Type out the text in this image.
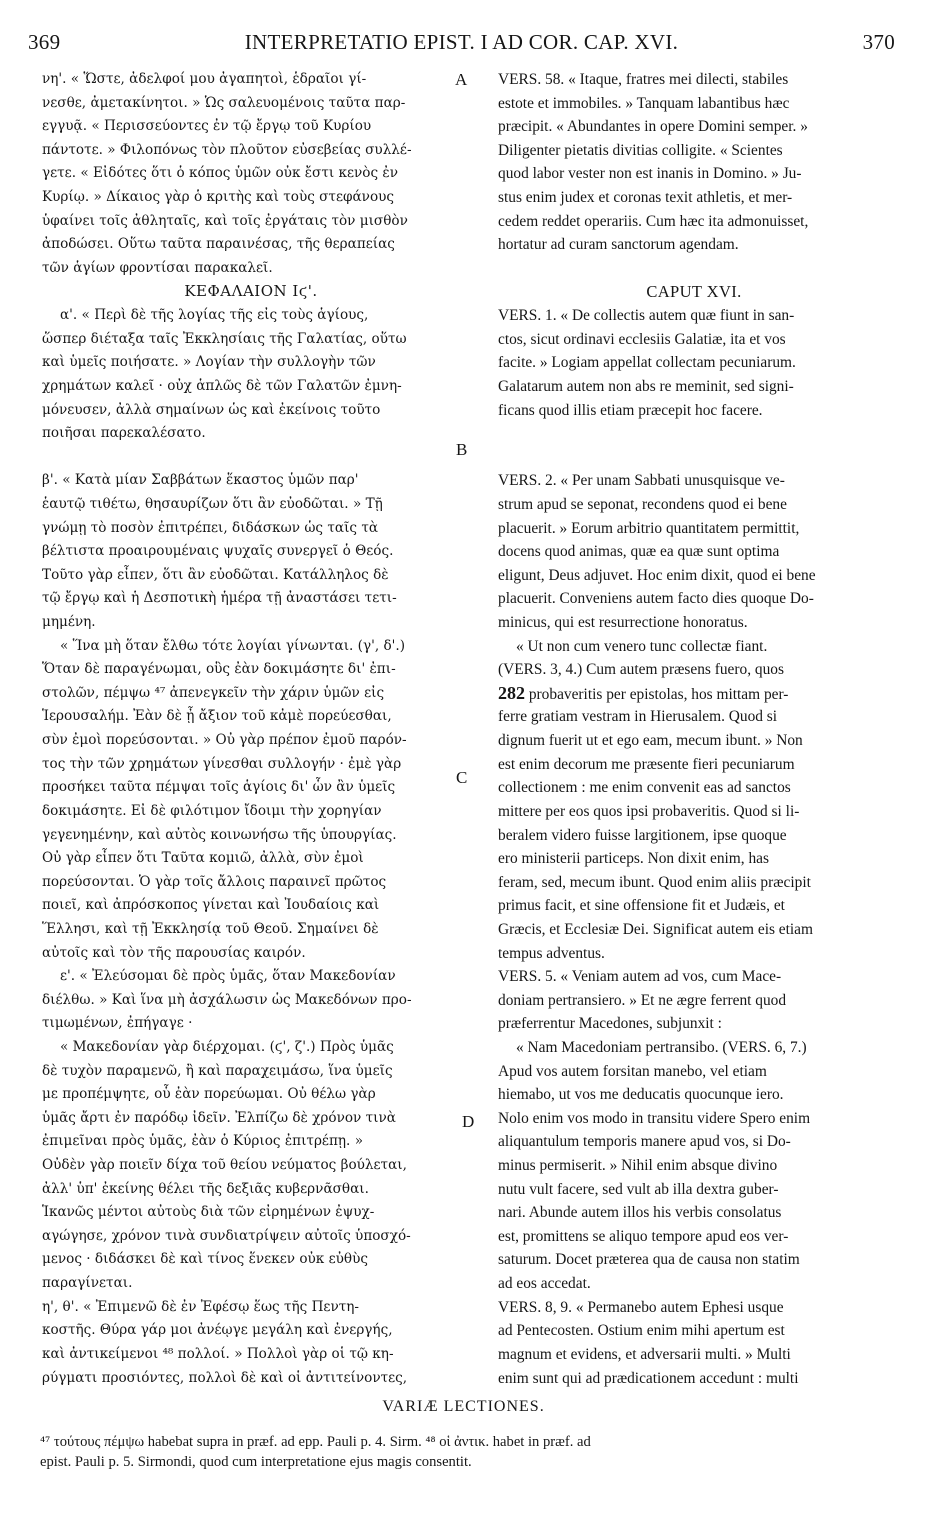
369	INTERPRETATIO EPIST. I AD COR. CAP. XVI.	370
νη'. « Ὥστε, ἀδελφοί μου ἀγαπητοὶ, ἑδραῖοι γί-
νεσθε, ἀμετακίνητοι. » Ὡς σαλευομένοις ταῦτα παρ-
εγγυᾷ. « Περισσεύοντες ἐν τῷ ἔργῳ τοῦ Κυρίου
πάντοτε. » Φιλοπόνως τὸν πλοῦτον εὐσεβείας συλλέ-
γετε. « Εἰδότες ὅτι ὁ κόπος ὑμῶν οὐκ ἔστι κενὸς ἐν
Κυρίῳ. » Δίκαιος γὰρ ὁ κριτὴς καὶ τοὺς στεφάνους
ὑφαίνει τοῖς ἀθληταῖς, καὶ τοῖς ἐργάταις τὸν μισθὸν
ἀποδώσει. Οὕτω ταῦτα παραινέσας, τῆς θεραπείας
τῶν ἁγίων φροντίσαι παρακαλεῖ.
ΚΕΦΑΛΑΙΟΝ Ιϛ'.
α'. « Περὶ δὲ τῆς λογίας τῆς εἰς τοὺς ἁγίους,
ὥσπερ διέταξα ταῖς Ἐκκλησίαις τῆς Γαλατίας, οὕτω
καὶ ὑμεῖς ποιήσατε. » Λογίαν τὴν συλλογὴν τῶν
χρημάτων καλεῖ · οὐχ ἁπλῶς δὲ τῶν Γαλατῶν ἐμνη-
μόνευσεν, ἀλλὰ σημαίνων ὡς καὶ ἐκείνοις τοῦτο
ποιῆσαι παρεκαλέσατο.
β'. « Κατὰ μίαν Σαββάτων ἕκαστος ὑμῶν παρ'
ἑαυτῷ τιθέτω, θησαυρίζων ὅτι ἂν εὐοδῶται. » Τῇ
γνώμῃ τὸ ποσὸν ἐπιτρέπει, διδάσκων ὡς ταῖς τὰ
βέλτιστα προαιρουμέναις ψυχαῖς συνεργεῖ ὁ Θεός.
Τοῦτο γὰρ εἶπεν, ὅτι ἂν εὐοδῶται. Κατάλληλος δὲ
τῷ ἔργῳ καὶ ἡ Δεσποτικὴ ἡμέρα τῇ ἀναστάσει τετι-
μημένη.
« Ἵνα μὴ ὅταν ἔλθω τότε λογίαι γίνωνται. (γ', δ'.)
Ὅταν δὲ παραγένωμαι, οὓς ἐὰν δοκιμάσητε δι' ἐπι-
στολῶν, πέμψω ⁴⁷ ἀπενεγκεῖν τὴν χάριν ὑμῶν εἰς
Ἱερουσαλήμ. Ἐὰν δὲ ᾖ ἄξιον τοῦ κἀμὲ πορεύεσθαι,
σὺν ἐμοὶ πορεύσονται. » Οὐ γὰρ πρέπον ἐμοῦ παρόν-
τος τὴν τῶν χρημάτων γίνεσθαι συλλογήν · ἐμὲ γὰρ
προσήκει ταῦτα πέμψαι τοῖς ἁγίοις δι' ὧν ἂν ὑμεῖς
δοκιμάσητε. Εἰ δὲ φιλότιμον ἴδοιμι τὴν χορηγίαν
γεγενημένην, καὶ αὐτὸς κοινωνήσω τῆς ὑπουργίας.
Οὐ γὰρ εἶπεν ὅτι Ταῦτα κομιῶ, ἀλλὰ, σὺν ἐμοὶ
πορεύσονται. Ὁ γὰρ τοῖς ἄλλοις παραινεῖ πρῶτος
ποιεῖ, καὶ ἀπρόσκοπος γίνεται καὶ Ἰουδαίοις καὶ
Ἕλλησι, καὶ τῇ Ἐκκλησίᾳ τοῦ Θεοῦ. Σημαίνει δὲ
αὐτοῖς καὶ τὸν τῆς παρουσίας καιρόν.
ε'. « Ἐλεύσομαι δὲ πρὸς ὑμᾶς, ὅταν Μακεδονίαν
διέλθω. » Καὶ ἵνα μὴ ἀσχάλωσιν ὡς Μακεδόνων προ-
τιμωμένων, ἐπήγαγε ·
« Μακεδονίαν γὰρ διέρχομαι. (ϛ', ζ'.) Πρὸς ὑμᾶς
δὲ τυχὸν παραμενῶ, ἢ καὶ παραχειμάσω, ἵνα ὑμεῖς
με προπέμψητε, οὗ ἐὰν πορεύωμαι. Οὐ θέλω γὰρ
ὑμᾶς ἄρτι ἐν παρόδῳ ἰδεῖν. Ἐλπίζω δὲ χρόνον τινὰ
ἐπιμεῖναι πρὸς ὑμᾶς, ἐὰν ὁ Κύριος ἐπιτρέπῃ. »
Οὐδὲν γὰρ ποιεῖν δίχα τοῦ θείου νεύματος βούλεται,
ἀλλ' ὑπ' ἐκείνης θέλει τῆς δεξιᾶς κυβερνᾶσθαι.
Ἱκανῶς μέντοι αὐτοὺς διὰ τῶν εἰρημένων ἐψυχ-
αγώγησε, χρόνον τινὰ συνδιατρίψειν αὐτοῖς ὑποσχό-
μενος · διδάσκει δὲ καὶ τίνος ἕνεκεν οὐκ εὐθὺς
παραγίνεται.
η', θ'. « Ἐπιμενῶ δὲ ἐν Ἐφέσῳ ἕως τῆς Πεντη-
κοστῆς. Θύρα γάρ μοι ἀνέῳγε μεγάλη καὶ ἐνεργής,
καὶ ἀντικείμενοι ⁴⁸ πολλοί. » Πολλοὶ γὰρ οἱ τῷ κη-
ρύγματι προσιόντες, πολλοὶ δὲ καὶ οἱ ἀντιτείνοντες,
VERS. 58. « Itaque, fratres mei dilecti, stabiles
estote et immobiles. » Tanquam labantibus hæc
præcipit. « Abundantes in opere Domini semper. »
Diligenter pietatis divitias colligite. « Scientes
quod labor vester non est inanis in Domino. » Ju-
stus enim judex et coronas texit athletis, et mer-
cedem reddet operariis. Cum hæc ita admonuisset,
hortatur ad curam sanctorum agendam.
CAPUT XVI.
VERS. 1. « De collectis autem quæ fiunt in san-
ctos, sicut ordinavi ecclesiis Galatiæ, ita et vos
facite. » Logiam appellat collectam pecuniarum.
Galatarum autem non abs re meminit, sed signi-
ficans quod illis etiam præcepit hoc facere.
VERS. 2. « Per unam Sabbati unusquisque ve-
strum apud se seponat, recondens quod ei bene
placuerit. » Eorum arbitrio quantitatem permittit,
docens quod animas, quæ ea quæ sunt optima
eligunt, Deus adjuvet. Hoc enim dixit, quod ei bene
placuerit. Conveniens autem facto dies quoque Do-
minicus, qui est resurrectione honoratus.
« Ut non cum venero tunc collectæ fiant.
(VERS. 3, 4.) Cum autem præsens fuero, quos
282 probaveritis per epistolas, hos mittam per-
ferre gratiam vestram in Hierusalem. Quod si
dignum fuerit ut et ego eam, mecum ibunt. » Non
est enim decorum me præsente fieri pecuniarum
collectionem : me enim convenit eas ad sanctos
mittere per eos quos ipsi probaveritis. Quod si li-
beralem videro fuisse largitionem, ipse quoque
ero ministerii particeps. Non dixit enim, has
feram, sed, mecum ibunt. Quod enim aliis præcipit
primus facit, et sine offensione fit et Judæis, et
Græcis, et Ecclesiæ Dei. Significat autem eis etiam
tempus adventus.
VERS. 5. « Veniam autem ad vos, cum Mace-
doniam pertransiero. » Et ne ægre ferrent quod
præferrentur Macedones, subjunxit :
« Nam Macedoniam pertransibo. (VERS. 6, 7.)
Apud vos autem forsitan manebo, vel etiam
hiemabo, ut vos me deducatis quocunque iero.
Nolo enim vos modo in transitu videre Spero enim
aliquantulum temporis manere apud vos, si Do-
minus permiserit. » Nihil enim absque divino
nutu vult facere, sed vult ab illa dextra guber-
nari. Abunde autem illos his verbis consolatus
est, promittens se aliquo tempore apud eos ver-
saturum. Docet præterea qua de causa non statim
ad eos accedat.
VERS. 8, 9. « Permanebo autem Ephesi usque
ad Pentecosten. Ostium enim mihi apertum est
magnum et evidens, et adversarii multi. » Multi
enim sunt qui ad prædicationem accedunt : multi
A
B
C
D
VARIÆ LECTIONES.
⁴⁷ τούτους πέμψω habebat supra in præf. ad epp. Pauli p. 4. Sirm. ⁴⁸ οἱ ἀντικ. habet in præf. ad
epist. Pauli p. 5. Sirmondi, quod cum interpretatione ejus magis consentit.
